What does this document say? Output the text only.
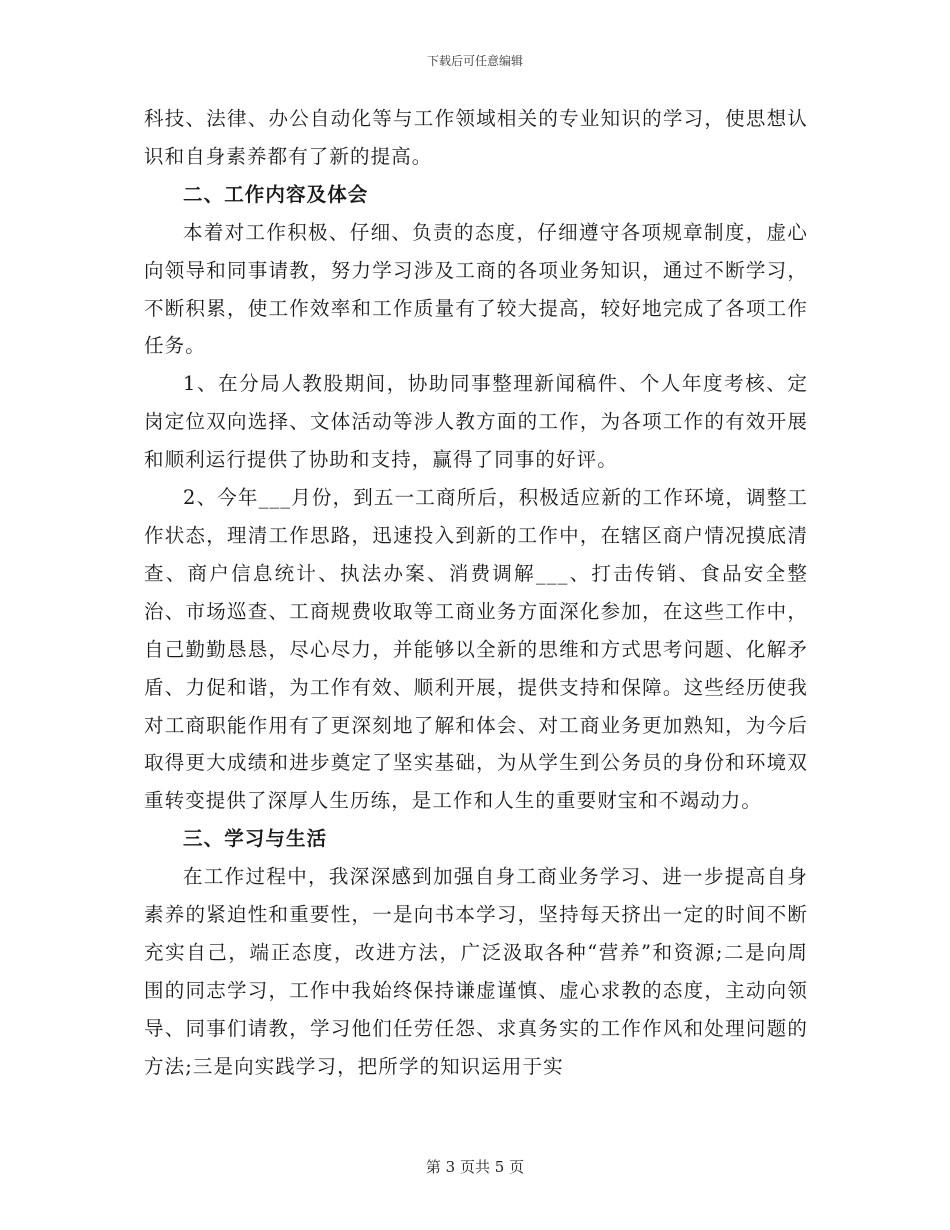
下载后可任意编辑

科技、法律、办公自动化等与工作领域相关的专业知识的学习，使思想认识和自身素养都有了新的提高。

二、工作内容及体会

本着对工作积极、仔细、负责的态度，仔细遵守各项规章制度，虚心向领导和同事请教，努力学习涉及工商的各项业务知识，通过不断学习，不断积累，使工作效率和工作质量有了较大提高，较好地完成了各项工作任务。

1、在分局人教股期间，协助同事整理新闻稿件、个人年度考核、定岗定位双向选择、文体活动等涉人教方面的工作，为各项工作的有效开展和顺利运行提供了协助和支持，赢得了同事的好评。

2、今年___月份，到五一工商所后，积极适应新的工作环境，调整工作状态，理清工作思路，迅速投入到新的工作中，在辖区商户情况摸底清查、商户信息统计、执法办案、消费调解___、打击传销、食品安全整治、市场巡查、工商规费收取等工商业务方面深化参加，在这些工作中，自己勤勤恳恳，尽心尽力，并能够以全新的思维和方式思考问题、化解矛盾、力促和谐，为工作有效、顺利开展，提供支持和保障。这些经历使我对工商职能作用有了更深刻地了解和体会、对工商业务更加熟知，为今后取得更大成绩和进步奠定了坚实基础，为从学生到公务员的身份和环境双重转变提供了深厚人生历练，是工作和人生的重要财宝和不竭动力。

三、学习与生活

在工作过程中，我深深感到加强自身工商业务学习、进一步提高自身素养的紧迫性和重要性，一是向书本学习，坚持每天挤出一定的时间不断充实自己，端正态度，改进方法，广泛汲取各种“营养”和资源;二是向周围的同志学习，工作中我始终保持谦虚谨慎、虚心求教的态度，主动向领导、同事们请教，学习他们任劳任怨、求真务实的工作作风和处理问题的方法;三是向实践学习，把所学的知识运用于实

第 3 页共 5 页
